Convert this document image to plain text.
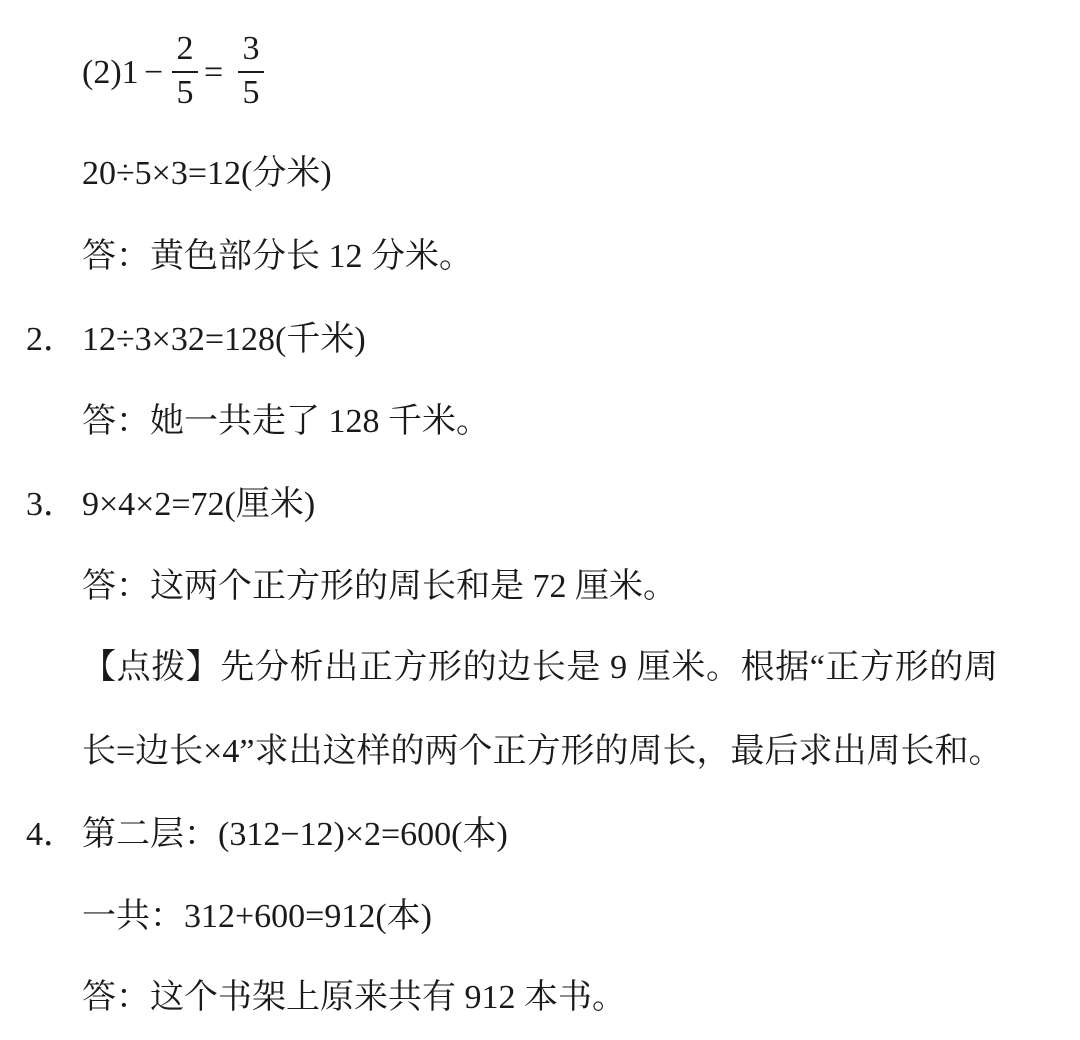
(2)1 −
2
5
=
3
5
20÷5×3=12(分米)
答：黄色部分长 12 分米。
2． 12÷3×32=128(千米)
答：她一共走了 128 千米。
3． 9×4×2=72(厘米)
答：这两个正方形的周长和是 72 厘米。
【点拨】先分析出正方形的边长是 9 厘米。根据“正方形的周
长=边长×4”求出这样的两个正方形的周长，最后求出周长和。
4． 第二层：(312−12)×2=600(本)
一共：312+600=912(本)
答：这个书架上原来共有 912 本书。
